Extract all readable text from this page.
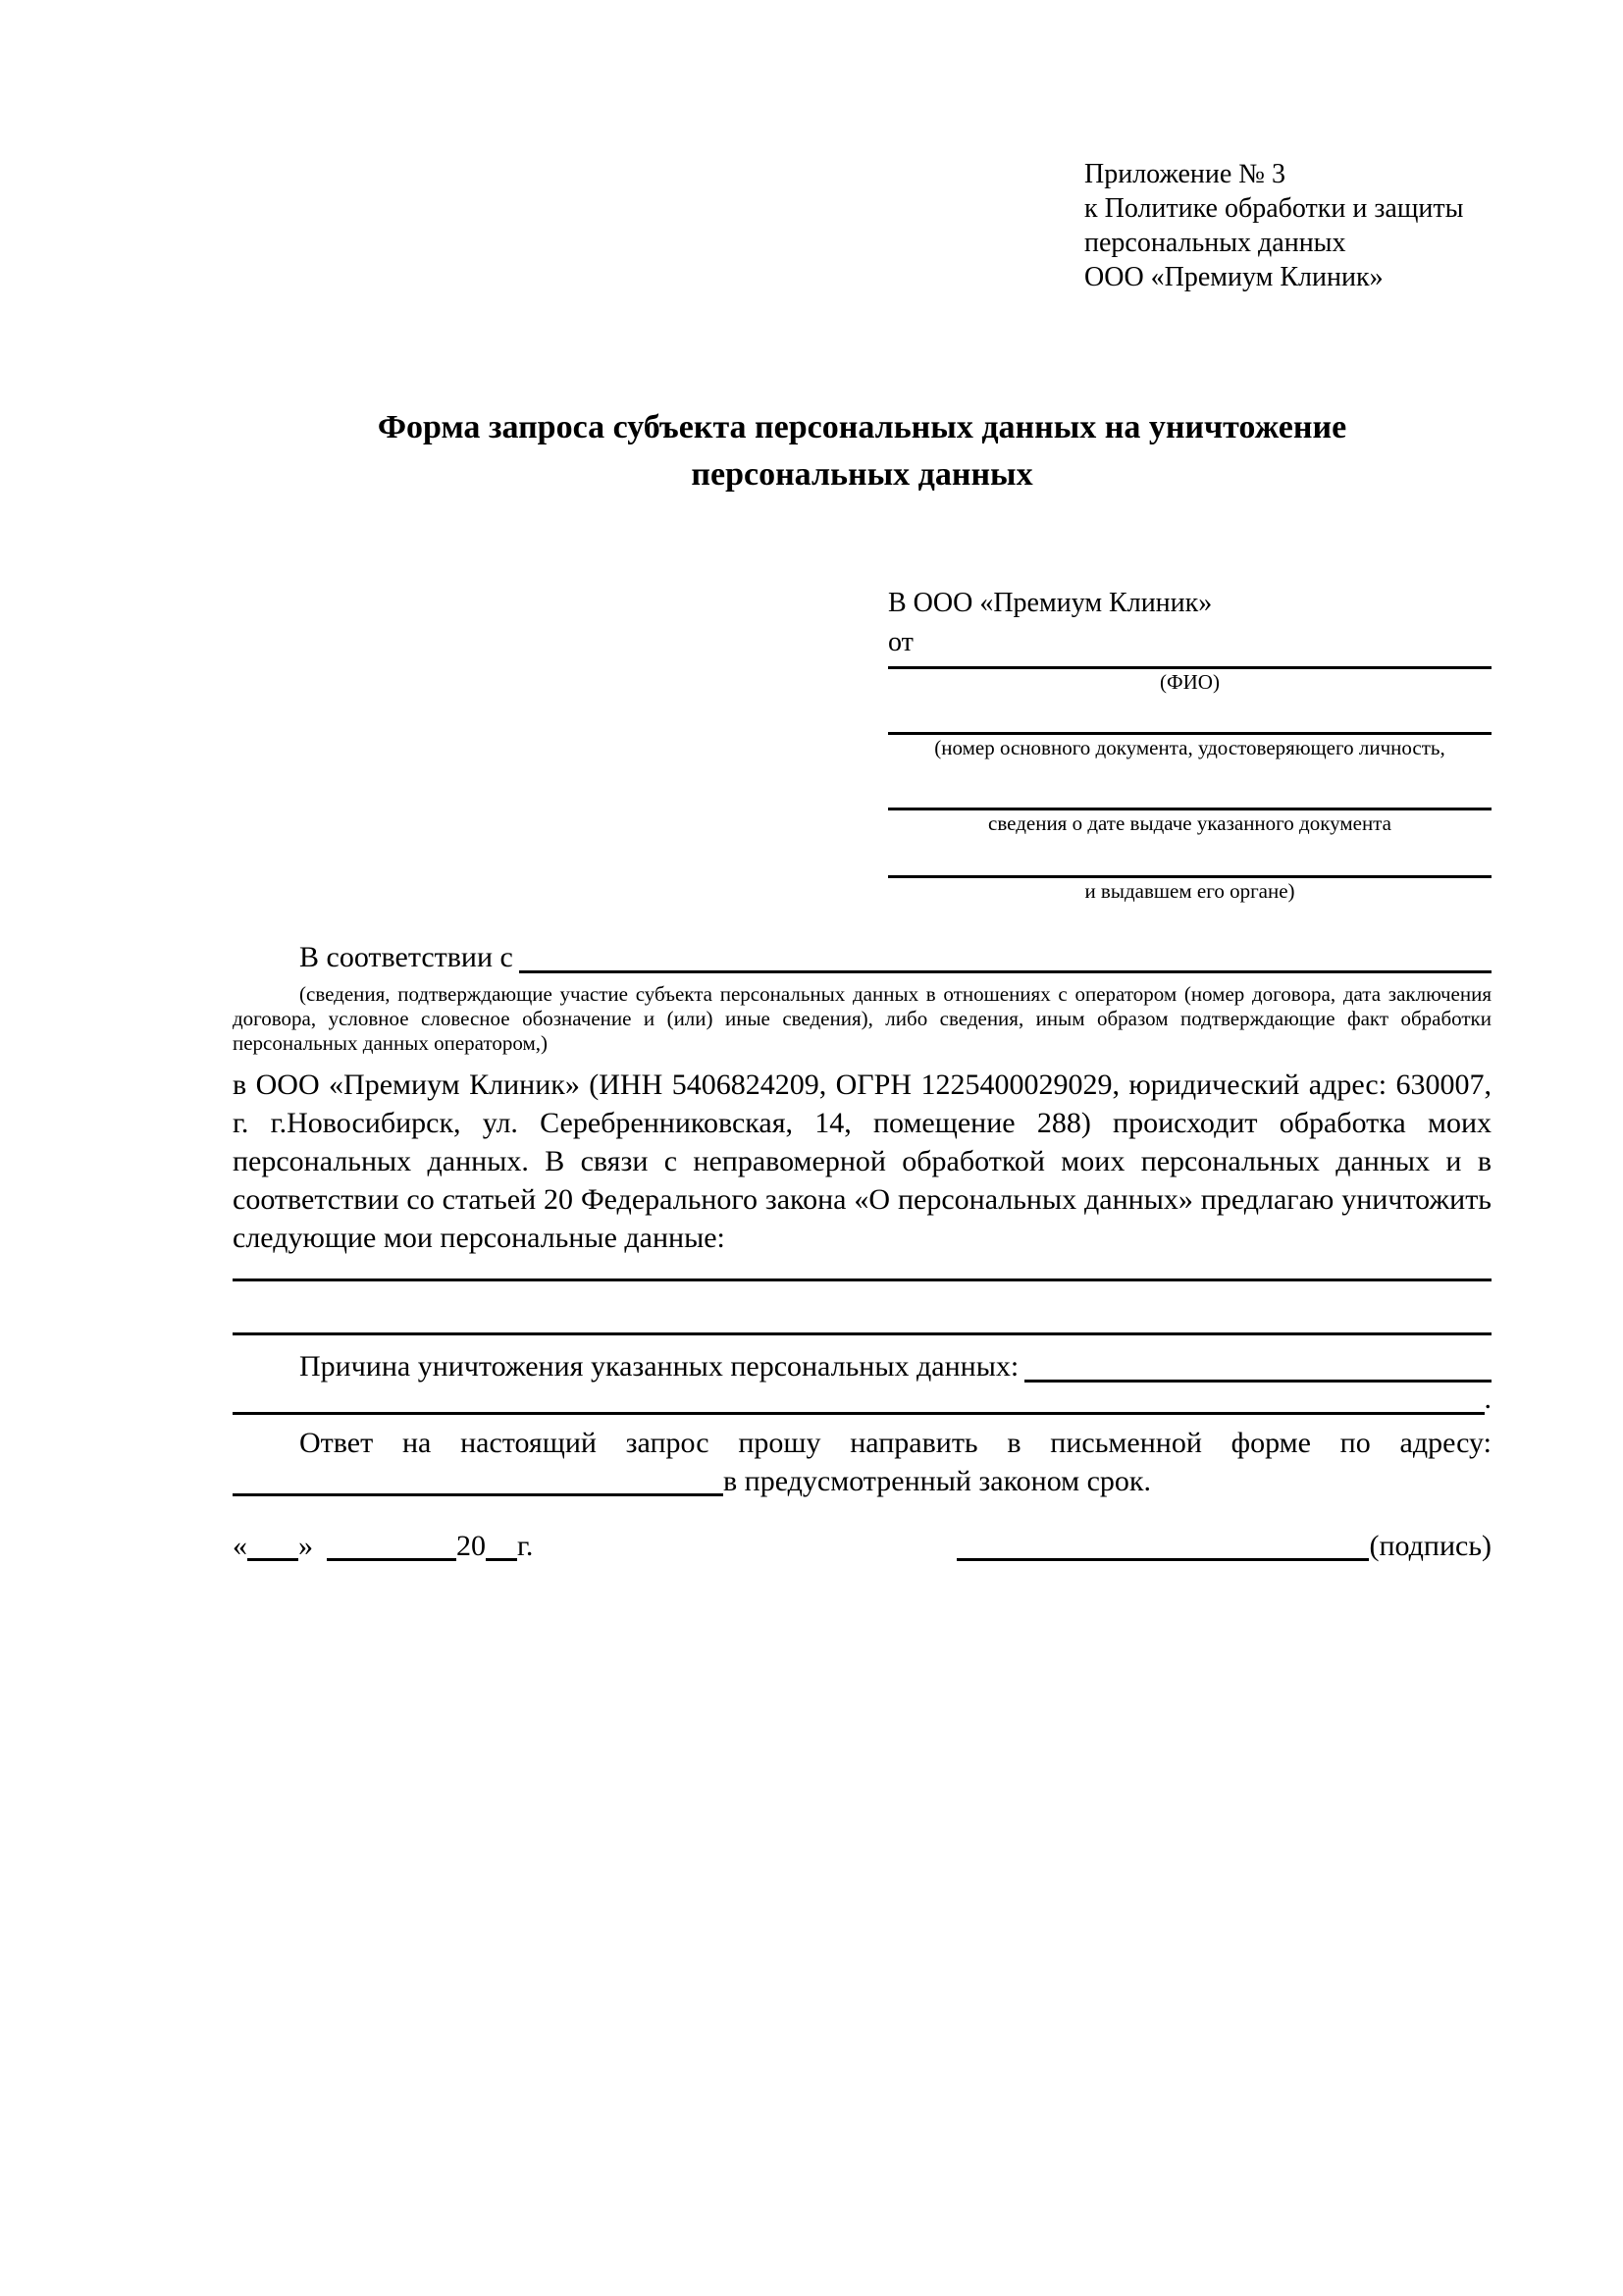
Приложение № 3
к Политике обработки и защиты
персональных данных
ООО «Премиум Клиник»
Форма запроса субъекта персональных данных на уничтожение
персональных данных
В ООО «Премиум Клиник»
от
(ФИО)
(номер основного документа, удостоверяющего личность,
сведения о дате выдаче указанного документа
и выдавшем его органе)
В соответствии с

(сведения, подтверждающие участие субъекта персональных данных в отношениях с оператором (номер договора, дата заключения договора, условное словесное обозначение и (или) иные сведения), либо сведения, иным образом подтверждающие факт обработки персональных данных оператором,)

в ООО «Премиум Клиник» (ИНН 5406824209, ОГРН 1225400029029, юридический адрес: 630007, г. г.Новосибирск, ул. Серебренниковская, 14, помещение 288) происходит обработка моих персональных данных. В связи с неправомерной обработкой моих персональных данных и в соответствии со статьей 20 Федерального закона «О персональных данных» предлагаю уничтожить следующие мои персональные данные:

Причина уничтожения указанных персональных данных:
.

Ответ на настоящий запрос прошу направить в письменной форме по адресу: в предусмотренный законом срок.

« »	20 г.	(подпись)
